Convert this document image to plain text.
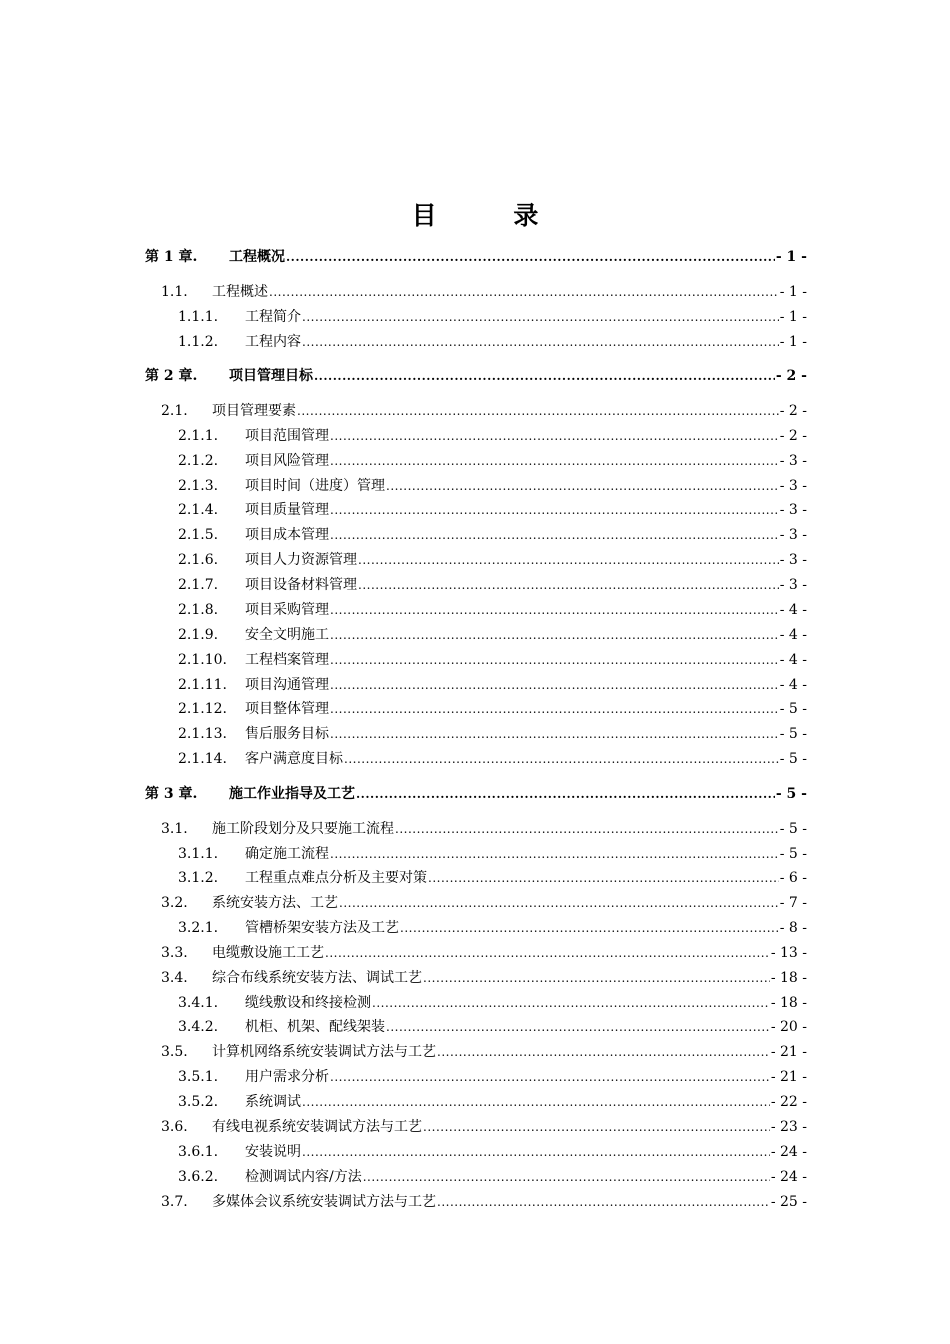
目 录
第 1 章.	工程概况 .....	- 1 -
1.1.	工程概述 .....	- 1 -
1.1.1.	工程简介 .....	- 1 -
1.1.2.	工程内容 .....	- 1 -
第 2 章.	项目管理目标 .....	- 2 -
2.1.	项目管理要素 .....	- 2 -
2.1.1.	项目范围管理 .....	- 2 -
2.1.2.	项目风险管理 .....	- 3 -
2.1.3.	项目时间（进度）管理 .....	- 3 -
2.1.4.	项目质量管理 .....	- 3 -
2.1.5.	项目成本管理 .....	- 3 -
2.1.6.	项目人力资源管理 .....	- 3 -
2.1.7.	项目设备材料管理 .....	- 3 -
2.1.8.	项目采购管理 .....	- 4 -
2.1.9.	安全文明施工 .....	- 4 -
2.1.10.	工程档案管理 .....	- 4 -
2.1.11.	项目沟通管理 .....	- 4 -
2.1.12.	项目整体管理 .....	- 5 -
2.1.13.	售后服务目标 .....	- 5 -
2.1.14.	客户满意度目标 .....	- 5 -
第 3 章.	施工作业指导及工艺 .....	- 5 -
3.1.	施工阶段划分及只要施工流程 .....	- 5 -
3.1.1.	确定施工流程 .....	- 5 -
3.1.2.	工程重点难点分析及主要对策 .....	- 6 -
3.2.	系统安装方法、工艺 .....	- 7 -
3.2.1.	管槽桥架安装方法及工艺 .....	- 8 -
3.3.	电缆敷设施工工艺 .....	- 13 -
3.4.	综合布线系统安装方法、调试工艺 .....	- 18 -
3.4.1.	缆线敷设和终接检测 .....	- 18 -
3.4.2.	机柜、机架、配线架装 .....	- 20 -
3.5.	计算机网络系统安装调试方法与工艺 .....	- 21 -
3.5.1.	用户需求分析 .....	- 21 -
3.5.2.	系统调试 .....	- 22 -
3.6.	有线电视系统安装调试方法与工艺 .....	- 23 -
3.6.1.	安装说明 .....	- 24 -
3.6.2.	检测调试内容/方法 .....	- 24 -
3.7.	多媒体会议系统安装调试方法与工艺 .....	- 25 -
